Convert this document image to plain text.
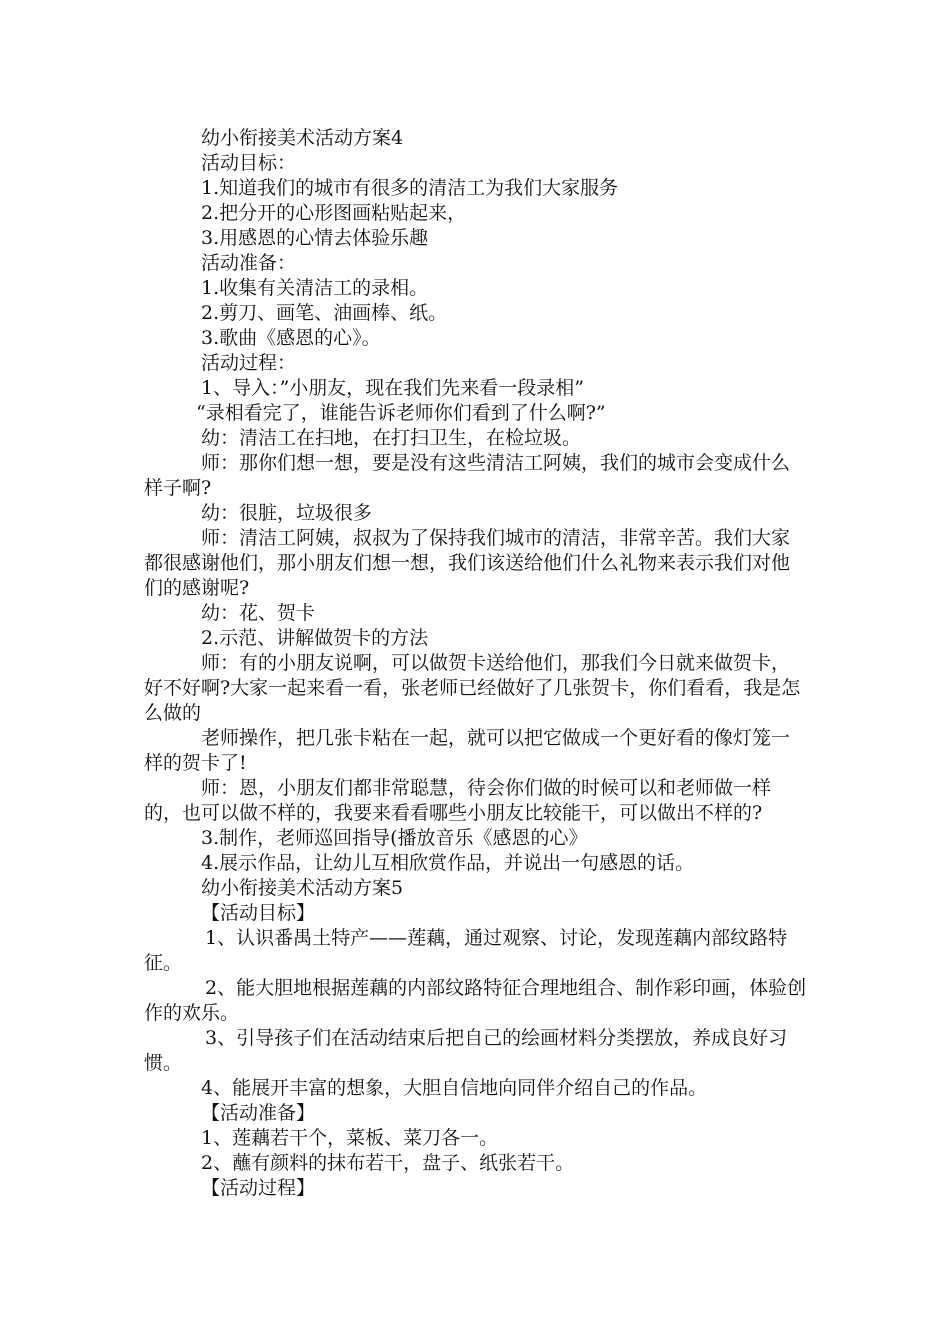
幼小衔接美术活动方案4

活动目标：

1.知道我们的城市有很多的清洁工为我们大家服务

2.把分开的心形图画粘贴起来，

3.用感恩的心情去体验乐趣

活动准备：

1.收集有关清洁工的录相。

2.剪刀、画笔、油画棒、纸。

3.歌曲《感恩的心》。

活动过程：

1、导入：”小朋友，现在我们先来看一段录相”

“录相看完了，谁能告诉老师你们看到了什么啊?”

幼：清洁工在扫地，在打扫卫生，在检垃圾。

师：那你们想一想，要是没有这些清洁工阿姨，我们的城市会变成什么样子啊?

幼：很脏，垃圾很多

师：清洁工阿姨，叔叔为了保持我们城市的清洁，非常辛苦。我们大家都很感谢他们，那小朋友们想一想，我们该送给他们什么礼物来表示我们对他们的感谢呢?

幼：花、贺卡

2.示范、讲解做贺卡的方法

师：有的小朋友说啊，可以做贺卡送给他们，那我们今日就来做贺卡，好不好啊?大家一起来看一看，张老师已经做好了几张贺卡，你们看看，我是怎么做的

老师操作，把几张卡粘在一起，就可以把它做成一个更好看的像灯笼一样的贺卡了!

师：恩，小朋友们都非常聪慧，待会你们做的时候可以和老师做一样的，也可以做不样的，我要来看看哪些小朋友比较能干，可以做出不样的?

3.制作，老师巡回指导(播放音乐《感恩的心》

4.展示作品，让幼儿互相欣赏作品，并说出一句感恩的话。

幼小衔接美术活动方案5

【活动目标】

1、认识番禺土特产——莲藕，通过观察、讨论，发现莲藕内部纹路特征。

2、能大胆地根据莲藕的内部纹路特征合理地组合、制作彩印画，体验创作的欢乐。

3、引导孩子们在活动结束后把自己的绘画材料分类摆放，养成良好习惯。

4、能展开丰富的想象，大胆自信地向同伴介绍自己的作品。

【活动准备】

1、莲藕若干个，菜板、菜刀各一。

2、蘸有颜料的抹布若干，盘子、纸张若干。

【活动过程】
